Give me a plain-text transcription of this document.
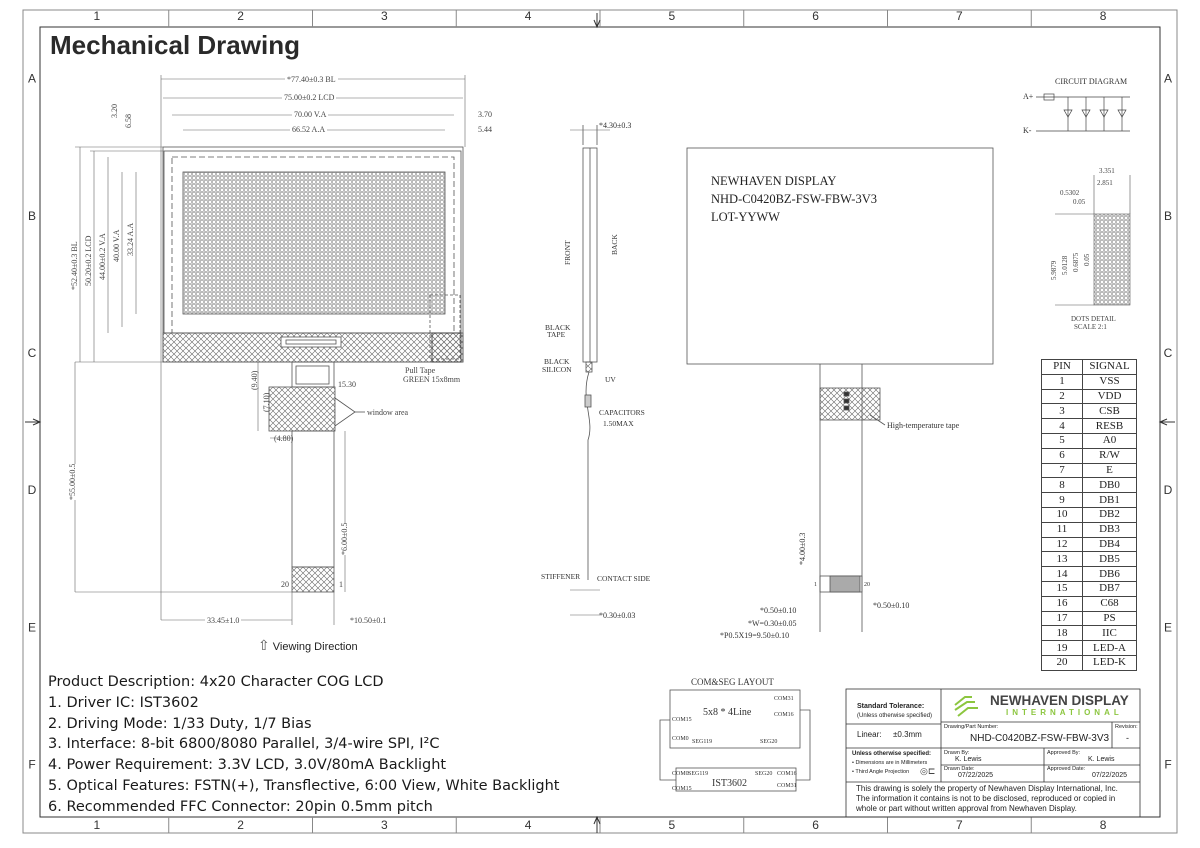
1
1
2
2
3
3
4
4
5
5
6
6
7
7
8
8
A	A
B	B
C	C
D	D
E	E
F	F
Mechanical Drawing
*77.40±0.3 BL
75.00±0.2 LCD
70.00 V.A
66.52 A.A
3.70
5.44
3.20
6.58
*52.40±0.3 BL 50.20±0.2 LCD 44.00±0.2 V.A 40.00 V.A 33.24 A.A
(9.40)
(7.10)
15.30
(4.80)
*55.00±0.5
*6.00±0.5
33.45±1.0	*10.50±0.1
20	1
window area
Pull Tape
GREEN 15x8mm
⇧ Viewing Direction
*4.30±0.3
FRONT	BACK
BLACK
TAPE
BLACK
SILICON
UV
CAPACITORS
1.50MAX
STIFFENER CONTACT SIDE
*0.30±0.03
NEWHAVEN DISPLAY
NHD-C0420BZ-FSW-FBW-3V3
LOT-YYWW
High-temperature tape
*4.00±0.3
1	20
*0.50±0.10
*W=0.30±0.05
*P0.5X19=9.50±0.10
*0.50±0.10
CIRCUIT DIAGRAM
A+
K-
3.351
2.851
0.5302
0.05
5.9879 5.0128 0.6875 0.05
DOTS DETAIL
SCALE 2:1
PIN	SIGNAL
1	VSS
2	VDD
3	CSB
4	RESB
5	A0
6	R/W
7	E
8	DB0
9	DB1
10	DB2
11	DB3
12	DB4
13	DB5
14	DB6
15	DB7
16	C68
17	PS
18	IIC
19	LED-A
20	LED-K
COM&SEG LAYOUT
5x8 * 4Line
COM31
COM16
COM15
COM0 SEG119	SEG20
IST3602
COM0 SEG119	SEG20 COM16
COM15	COM31
Product Description: 4x20 Character COG LCD
1. Driver IC: IST3602
2. Driving Mode: 1/33 Duty, 1/7 Bias
3. Interface: 8-bit 6800/8080 Parallel, 3/4-wire SPI, I²C
4. Power Requirement: 3.3V LCD, 3.0V/80mA Backlight
5. Optical Features: FSTN(+), Transflective, 6:00 View, White Backlight
6. Recommended FFC Connector: 20pin 0.5mm pitch
Standard Tolerance:
(Unless otherwise specified)
Linear: ±0.3mm
NEWHAVEN DISPLAY
INTERNATIONAL
Drawing/Part Number:
NHD-C0420BZ-FSW-FBW-3V3
Revision:
-
Unless otherwise specified:
• Dimensions are in Millimeters
• Third Angle Projection ◎⊏
Drawn By:
K. Lewis
Approved By:
K. Lewis
Drawn Date:
07/22/2025
Approved Date:
07/22/2025
This drawing is solely the property of Newhaven Display International, Inc.
The information it contains is not to be disclosed, reproduced or copied in
whole or part without written approval from Newhaven Display.
